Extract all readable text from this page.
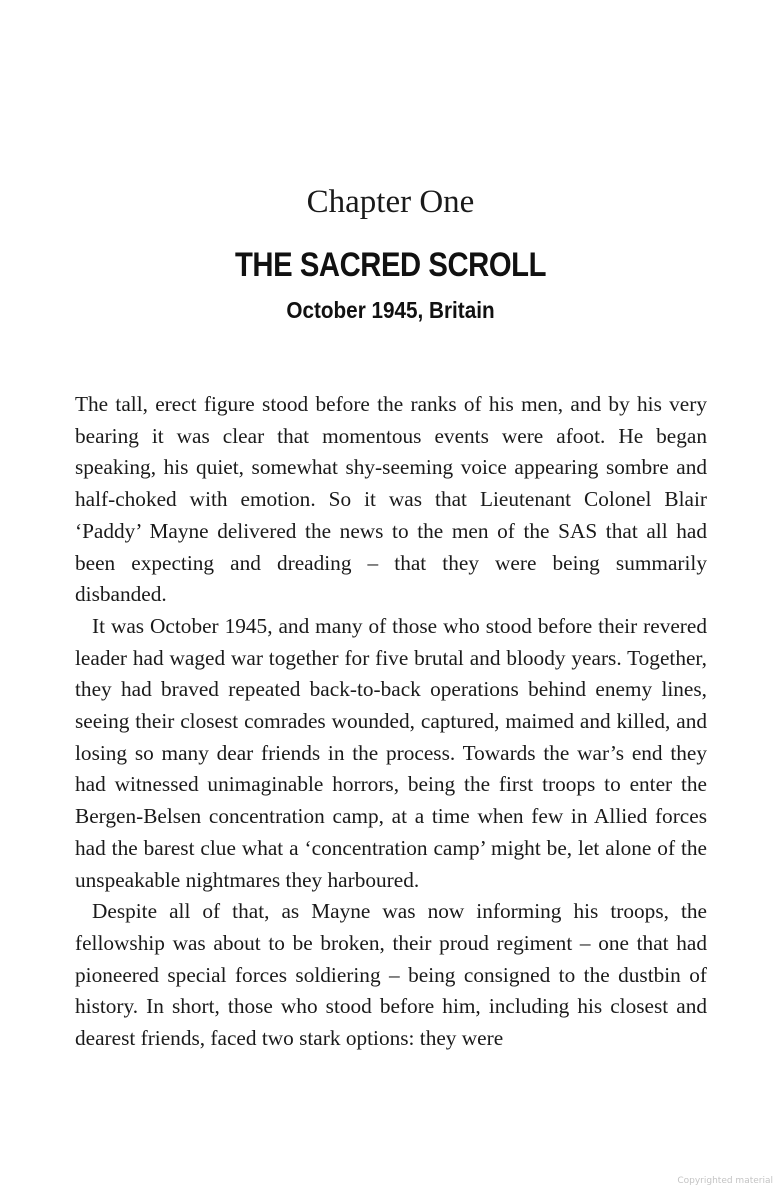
Chapter One
THE SACRED SCROLL
October 1945, Britain

The tall, erect figure stood before the ranks of his men, and by his very bearing it was clear that momentous events were afoot. He began speaking, his quiet, somewhat shy-seeming voice appearing sombre and half-choked with emotion. So it was that Lieutenant Colonel Blair ‘Paddy’ Mayne delivered the news to the men of the SAS that all had been expecting and dreading – that they were being summarily disbanded.

It was October 1945, and many of those who stood before their revered leader had waged war together for five brutal and bloody years. Together, they had braved repeated back-to-back operations behind enemy lines, seeing their closest comrades wounded, captured, maimed and killed, and losing so many dear friends in the process. Towards the war’s end they had witnessed unimaginable horrors, being the first troops to enter the Bergen-Belsen concentration camp, at a time when few in Allied forces had the barest clue what a ‘concentration camp’ might be, let alone of the unspeakable nightmares they harboured.

Despite all of that, as Mayne was now informing his troops, the fellowship was about to be broken, their proud regiment – one that had pioneered special forces soldiering – being consigned to the dustbin of history. In short, those who stood before him, including his closest and dearest friends, faced two stark options: they were

Copyrighted material
